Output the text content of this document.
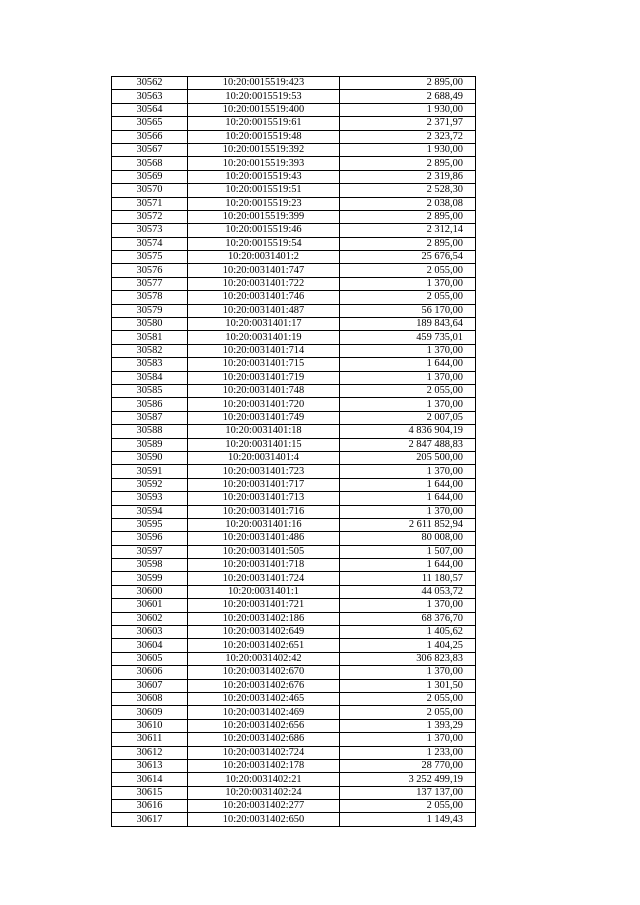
30562	10:20:0015519:423	2 895,00
30563	10:20:0015519:53	2 688,49
30564	10:20:0015519:400	1 930,00
30565	10:20:0015519:61	2 371,97
30566	10:20:0015519:48	2 323,72
30567	10:20:0015519:392	1 930,00
30568	10:20:0015519:393	2 895,00
30569	10:20:0015519:43	2 319,86
30570	10:20:0015519:51	2 528,30
30571	10:20:0015519:23	2 038,08
30572	10:20:0015519:399	2 895,00
30573	10:20:0015519:46	2 312,14
30574	10:20:0015519:54	2 895,00
30575	10:20:0031401:2	25 676,54
30576	10:20:0031401:747	2 055,00
30577	10:20:0031401:722	1 370,00
30578	10:20:0031401:746	2 055,00
30579	10:20:0031401:487	56 170,00
30580	10:20:0031401:17	189 843,64
30581	10:20:0031401:19	459 735,01
30582	10:20:0031401:714	1 370,00
30583	10:20:0031401:715	1 644,00
30584	10:20:0031401:719	1 370,00
30585	10:20:0031401:748	2 055,00
30586	10:20:0031401:720	1 370,00
30587	10:20:0031401:749	2 007,05
30588	10:20:0031401:18	4 836 904,19
30589	10:20:0031401:15	2 847 488,83
30590	10:20:0031401:4	205 500,00
30591	10:20:0031401:723	1 370,00
30592	10:20:0031401:717	1 644,00
30593	10:20:0031401:713	1 644,00
30594	10:20:0031401:716	1 370,00
30595	10:20:0031401:16	2 611 852,94
30596	10:20:0031401:486	80 008,00
30597	10:20:0031401:505	1 507,00
30598	10:20:0031401:718	1 644,00
30599	10:20:0031401:724	11 180,57
30600	10:20:0031401:1	44 053,72
30601	10:20:0031401:721	1 370,00
30602	10:20:0031402:186	68 376,70
30603	10:20:0031402:649	1 405,62
30604	10:20:0031402:651	1 404,25
30605	10:20:0031402:42	306 823,83
30606	10:20:0031402:670	1 370,00
30607	10:20:0031402:676	1 301,50
30608	10:20:0031402:465	2 055,00
30609	10:20:0031402:469	2 055,00
30610	10:20:0031402:656	1 393,29
30611	10:20:0031402:686	1 370,00
30612	10:20:0031402:724	1 233,00
30613	10:20:0031402:178	28 770,00
30614	10:20:0031402:21	3 252 499,19
30615	10:20:0031402:24	137 137,00
30616	10:20:0031402:277	2 055,00
30617	10:20:0031402:650	1 149,43
